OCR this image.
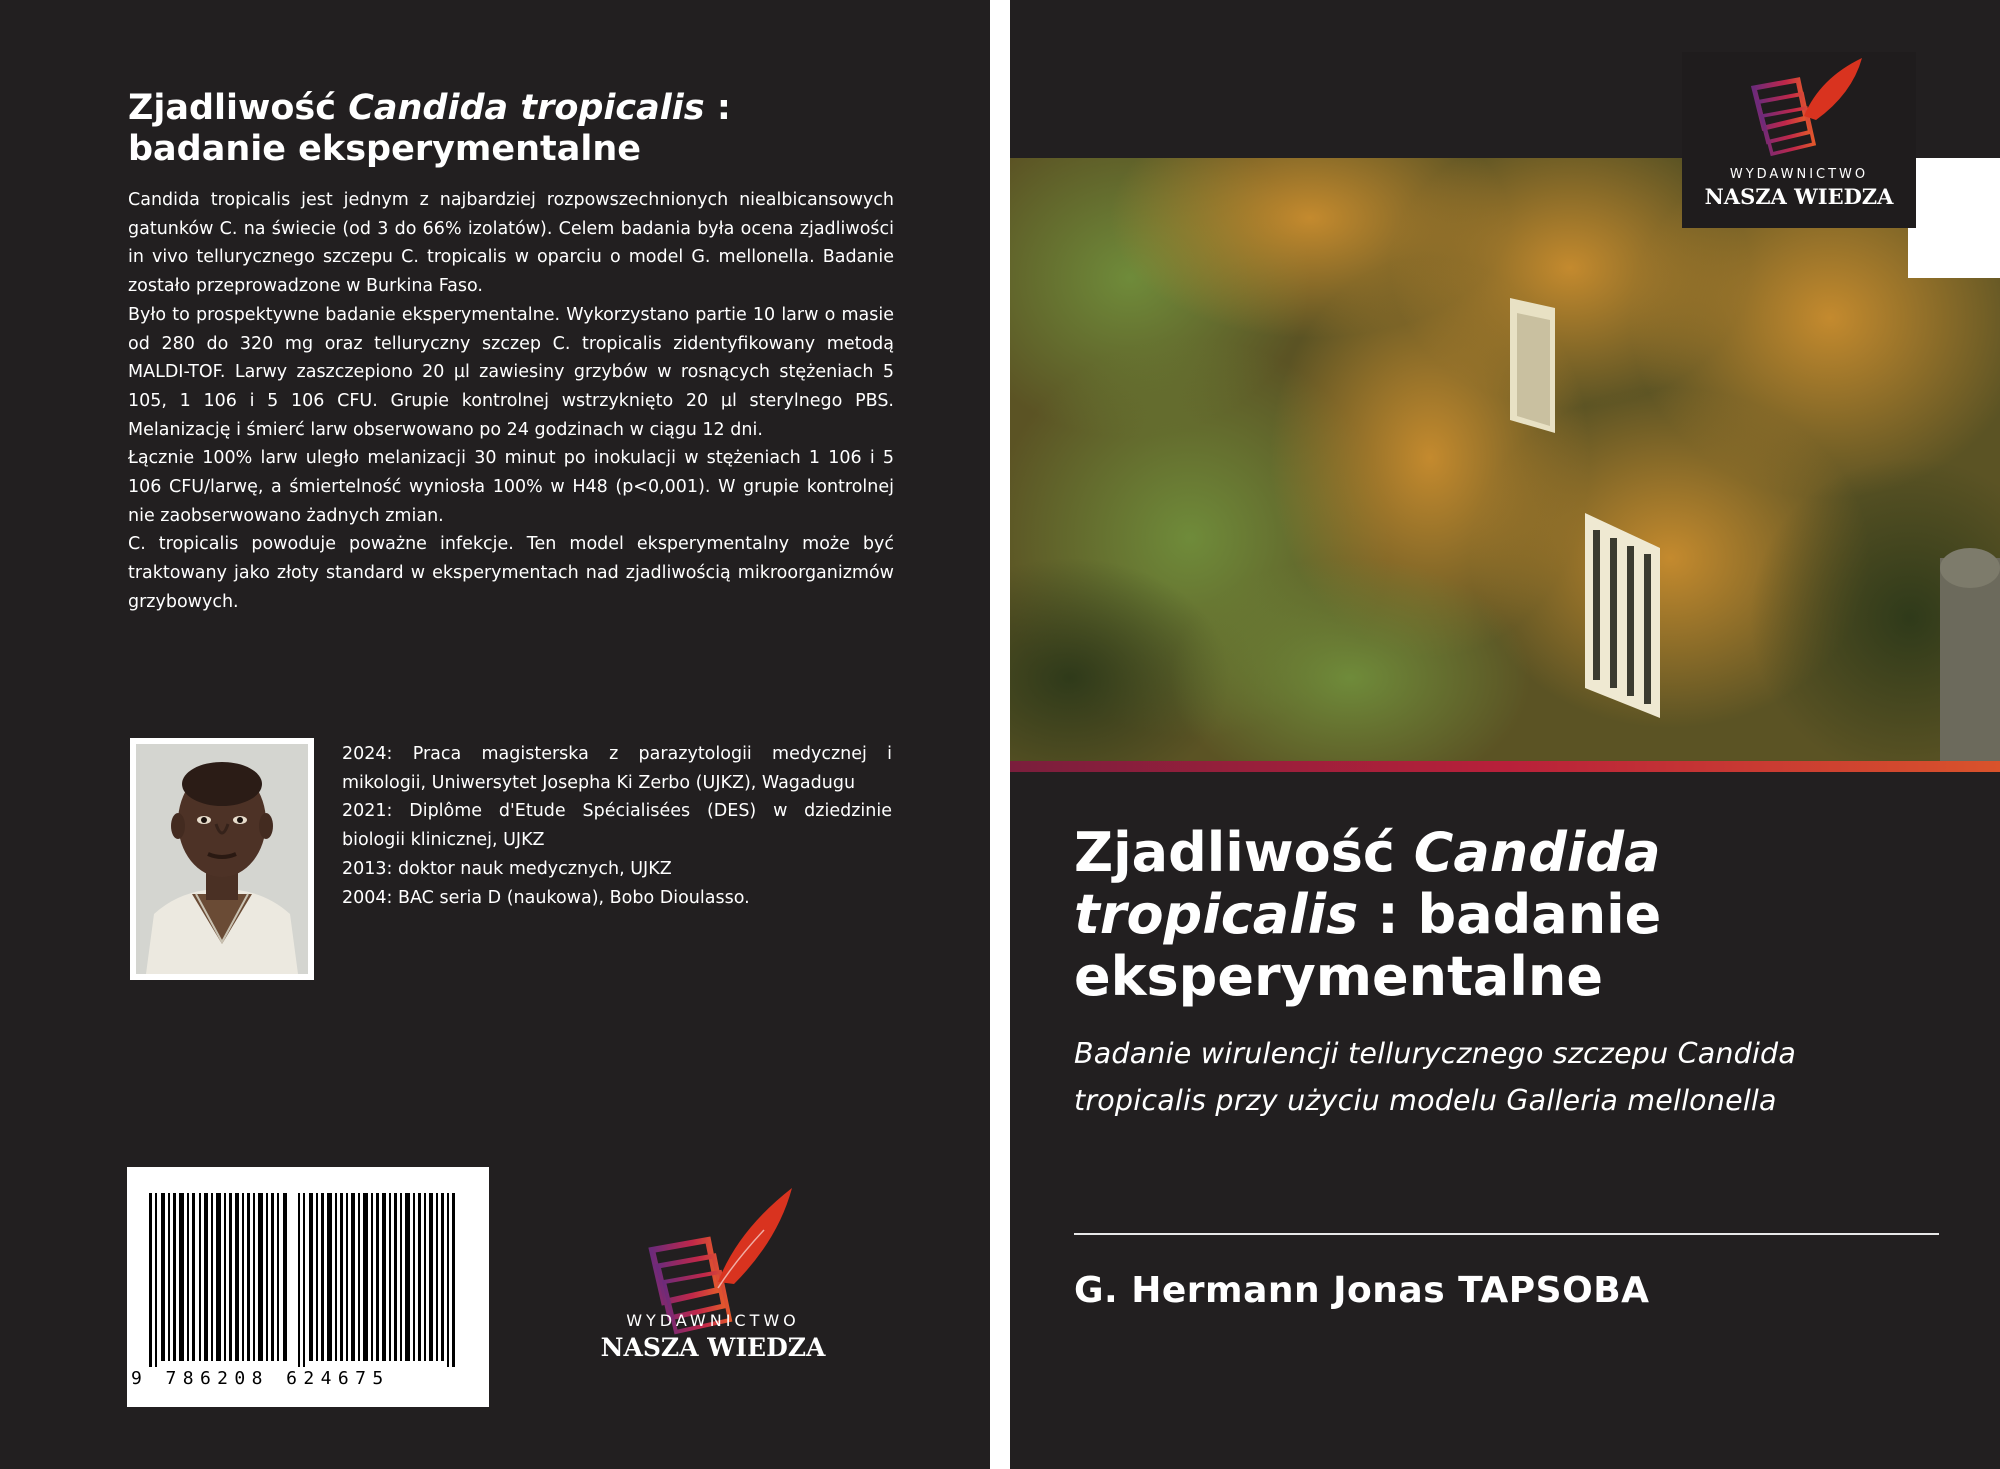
Zjadliwość Candida tropicalis : badanie eksperymentalne

Candida tropicalis jest jednym z najbardziej rozpowszechnionych niealbicansowych gatunków C. na świecie (od 3 do 66% izolatów). Celem badania była ocena zjadliwości in vivo tellurycznego szczepu C. tropicalis w oparciu o model G. mellonella. Badanie zostało przeprowadzone w Burkina Faso.

Było to prospektywne badanie eksperymentalne. Wykorzystano partie 10 larw o masie od 280 do 320 mg oraz telluryczny szczep C. tropicalis zidentyfikowany metodą MALDI-TOF. Larwy zaszczepiono 20 µl zawiesiny grzybów w rosnących stężeniach 5 105, 1 106 i 5 106 CFU. Grupie kontrolnej wstrzyknięto 20 µl sterylnego PBS. Melanizację i śmierć larw obserwowano po 24 godzinach w ciągu 12 dni.

Łącznie 100% larw uległo melanizacji 30 minut po inokulacji w stężeniach 1 106 i 5 106 CFU/larwę, a śmiertelność wyniosła 100% w H48 (p<0,001). W grupie kontrolnej nie zaobserwowano żadnych zmian.

C. tropicalis powoduje poważne infekcje. Ten model eksperymentalny może być traktowany jako złoty standard w eksperymentach nad zjadliwością mikroorganizmów grzybowych.

2024: Praca magisterska z parazytologii medycznej i mikologii, Uniwersytet Josepha Ki Zerbo (UJKZ), Wagadugu

2021: Diplôme d'Etude Spécialisées (DES) w dziedzinie biologii klinicznej, UJKZ

2013: doktor nauk medycznych, UJKZ

2004: BAC seria D (naukowa), Bobo Dioulasso.

9 786208 624675
WYDAWNICTWO
NASZA WIEDZA
WYDAWNICTWO
NASZA WIEDZA
Zjadliwość Candida
tropicalis : badanie eksperymentalne

Badanie wirulencji tellurycznego szczepu Candida tropicalis przy użyciu modelu Galleria mellonella

G. Hermann Jonas TAPSOBA
